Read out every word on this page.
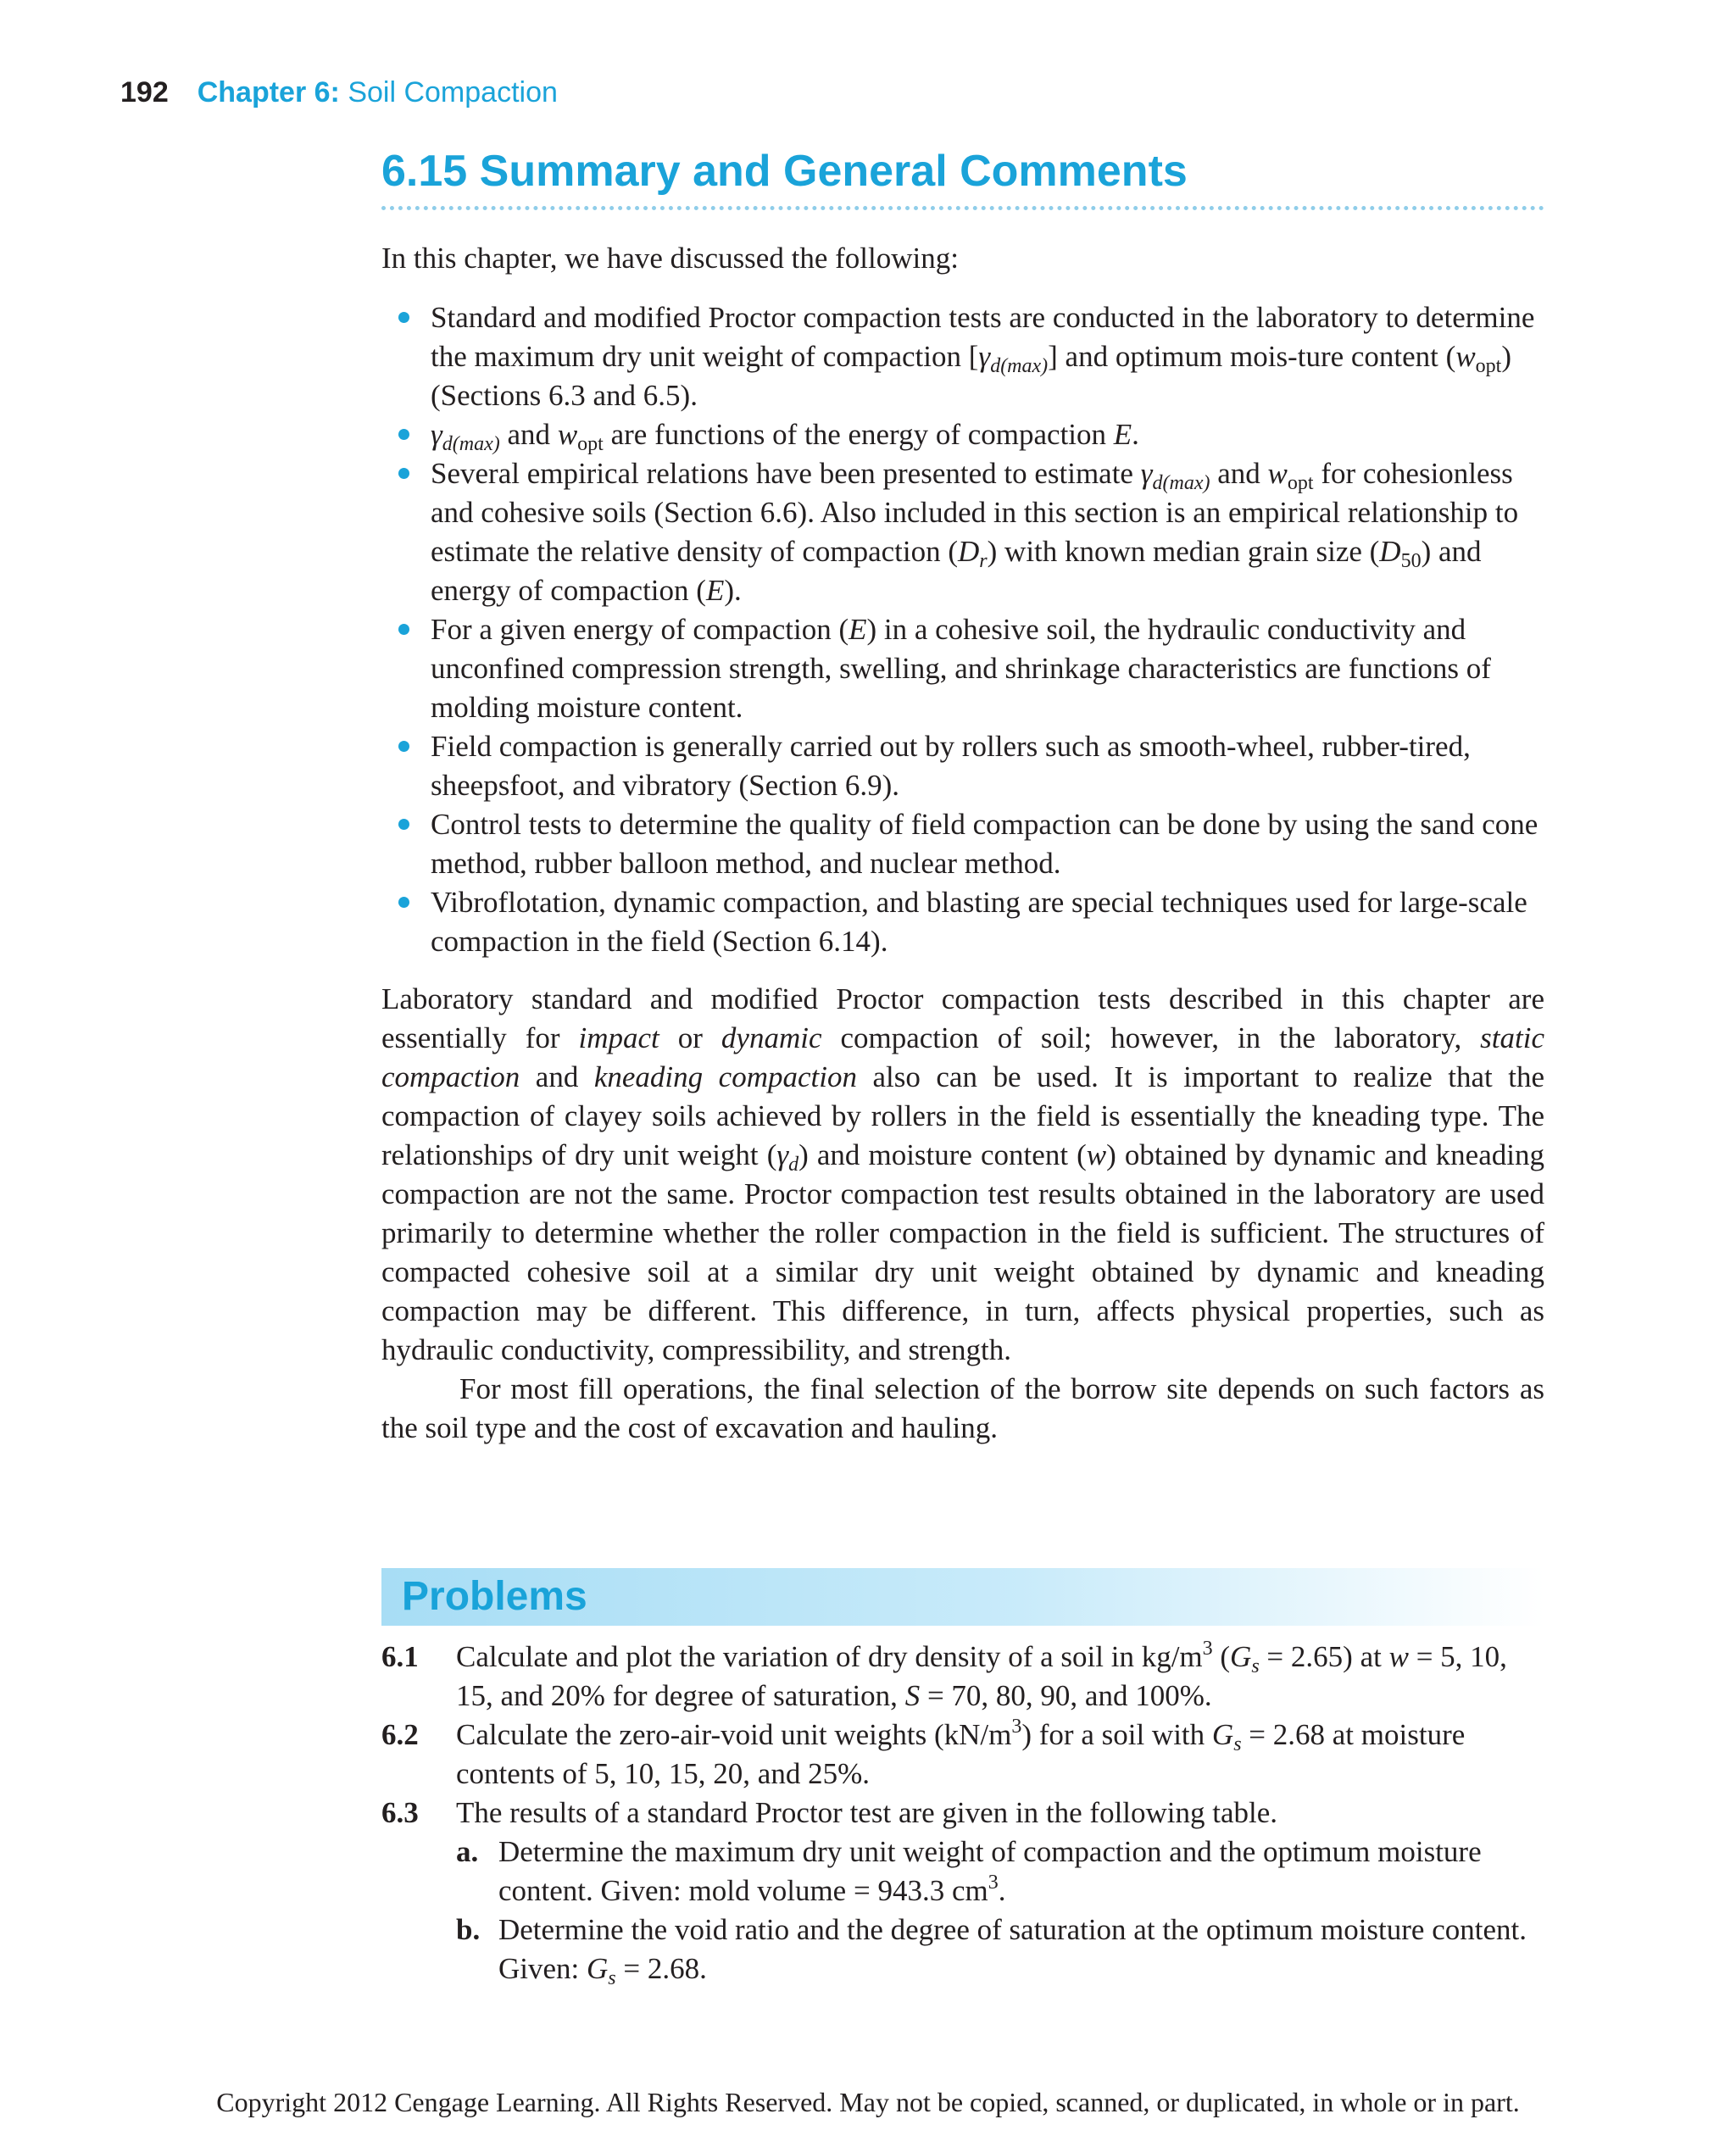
192 Chapter 6: Soil Compaction
6.15 Summary and General Comments

In this chapter, we have discussed the following:

Standard and modified Proctor compaction tests are conducted in the laboratory to determine the maximum dry unit weight of compaction $[\gamma_{d(max)}]$ and optimum mois-ture content $(w_{opt})$ (Sections 6.3 and 6.5).
$\gamma_{d(max)}$ and $w_{opt}$ are functions of the energy of compaction E.
Several empirical relations have been presented to estimate $\gamma_{d(max)}$ and $w_{opt}$ for cohesionless and cohesive soils (Section 6.6). Also included in this section is an empirical relationship to estimate the relative density of compaction $(D_r)$ with known median grain size $(D_{50})$ and energy of compaction (E).
For a given energy of compaction (E) in a cohesive soil, the hydraulic conductivity and unconfined compression strength, swelling, and shrinkage characteristics are functions of molding moisture content.
Field compaction is generally carried out by rollers such as smooth-wheel, rubber-tired, sheepsfoot, and vibratory (Section 6.9).
Control tests to determine the quality of field compaction can be done by using the sand cone method, rubber balloon method, and nuclear method.
Vibroflotation, dynamic compaction, and blasting are special techniques used for large-scale compaction in the field (Section 6.14).

Laboratory standard and modified Proctor compaction tests described in this chapter are essentially for impact or dynamic compaction of soil; however, in the laboratory, static compaction and kneading compaction also can be used. It is important to realize that the compaction of clayey soils achieved by rollers in the field is essentially the kneading type. The relationships of dry unit weight $(\gamma_d)$ and moisture content (w) obtained by dynamic and kneading compaction are not the same. Proctor compaction test results obtained in the laboratory are used primarily to determine whether the roller compaction in the field is sufficient. The structures of compacted cohesive soil at a similar dry unit weight obtained by dynamic and kneading compaction may be different. This difference, in turn, affects physical properties, such as hydraulic conductivity, compressibility, and strength.

For most fill operations, the final selection of the borrow site depends on such factors as the soil type and the cost of excavation and hauling.

Problems
6.1 Calculate and plot the variation of dry density of a soil in $kg/m^3$ $(G_s = 2.65)$ at w = 5, 10, 15, and 20% for degree of saturation, S = 70, 80, 90, and 100%.
6.2 Calculate the zero-air-void unit weights $(kN/m^3)$ for a soil with $G_s = 2.68$ at moisture contents of 5, 10, 15, 20, and 25%.
6.3 The results of a standard Proctor test are given in the following table.
a. Determine the maximum dry unit weight of compaction and the optimum moisture content. Given: mold volume = 943.3 $cm^3$.
b. Determine the void ratio and the degree of saturation at the optimum moisture content. Given: $G_s = 2.68$.
Copyright 2012 Cengage Learning. All Rights Reserved. May not be copied, scanned, or duplicated, in whole or in part.
